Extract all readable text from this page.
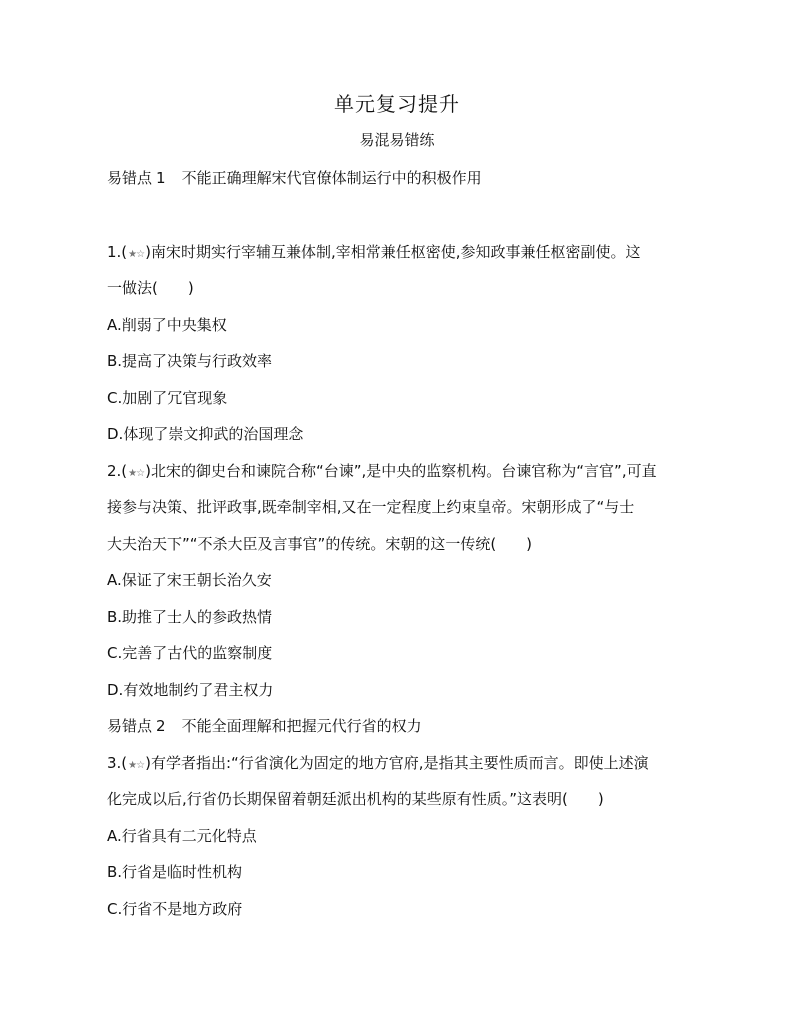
单元复习提升
易混易错练
易错点 1 不能正确理解宋代官僚体制运行中的积极作用
1.(★☆)南宋时期实行宰辅互兼体制,宰相常兼任枢密使,参知政事兼任枢密副使。这
一做法(　　)
A.削弱了中央集权
B.提高了决策与行政效率
C.加剧了冗官现象
D.体现了崇文抑武的治国理念
2.(★☆)北宋的御史台和谏院合称“台谏”,是中央的监察机构。台谏官称为“言官”,可直
接参与决策、批评政事,既牵制宰相,又在一定程度上约束皇帝。宋朝形成了“与士
大夫治天下”“不杀大臣及言事官”的传统。宋朝的这一传统(　　)
A.保证了宋王朝长治久安
B.助推了士人的参政热情
C.完善了古代的监察制度
D.有效地制约了君主权力
易错点 2 不能全面理解和把握元代行省的权力
3.(★☆)有学者指出:“行省演化为固定的地方官府,是指其主要性质而言。即使上述演
化完成以后,行省仍长期保留着朝廷派出机构的某些原有性质。”这表明(　　)
A.行省具有二元化特点
B.行省是临时性机构
C.行省不是地方政府
